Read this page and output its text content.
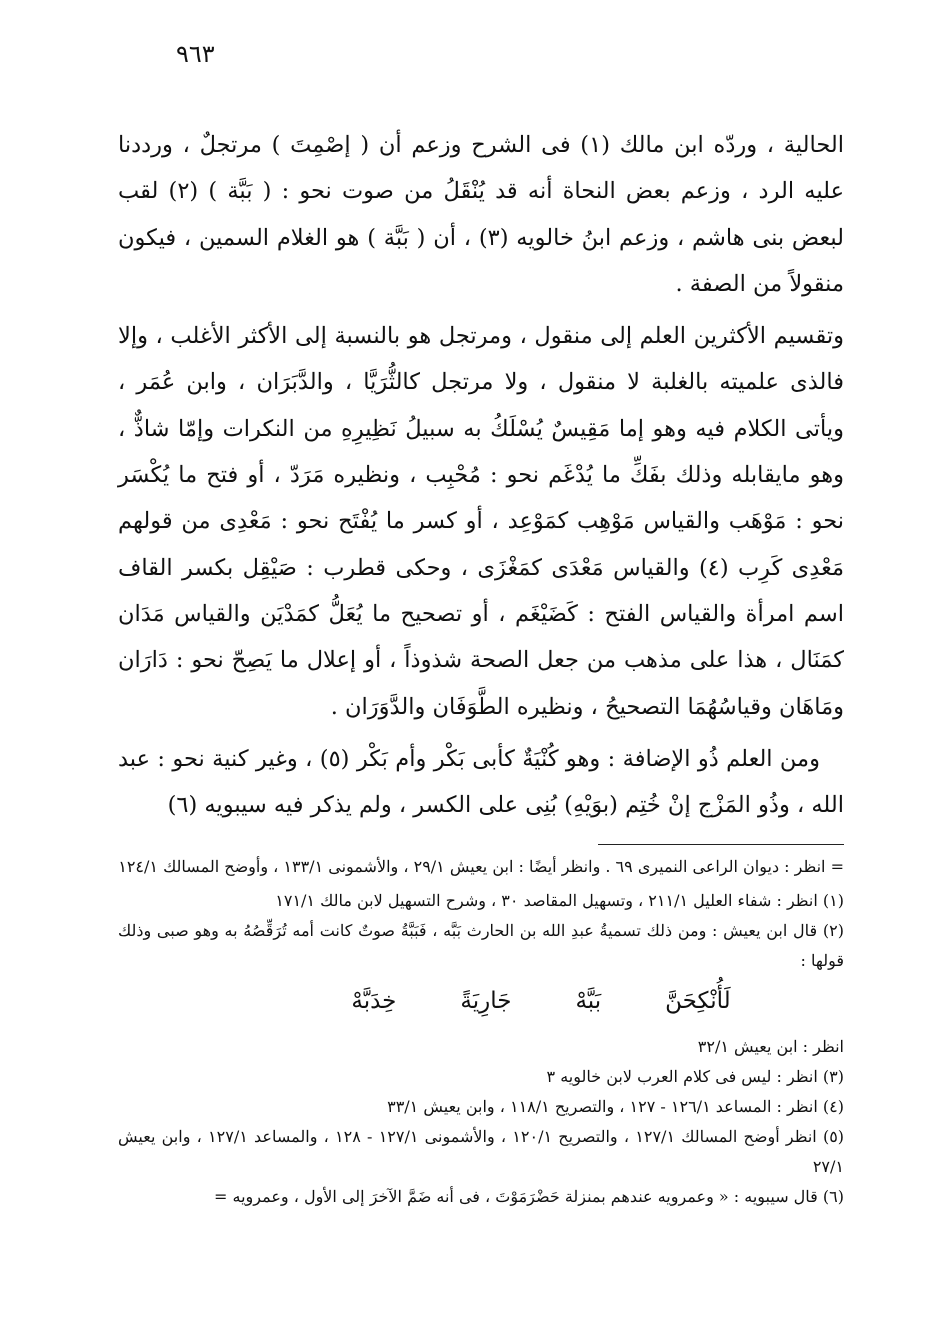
٩٦٣

الحالية ، وردّه ابن مالك (١) فى الشرح وزعم أن ( إصْمِتَ ) مرتجلٌ ، ورددنا عليه الرد ، وزعم بعض النحاة أنه قد يُنْقَلُ من صوت نحو : ( بَبَّة ) (٢) لقب لبعض بنى هاشم ، وزعم ابنُ خالويه (٣) ، أن ( بَبَّة ) هو الغلام السمين ، فيكون منقولاً من الصفة .

وتقسيم الأكثرين العلم إلى منقول ، ومرتجل هو بالنسبة إلى الأكثر الأغلب ، وإلا فالذى علميته بالغلبة لا منقول ، ولا مرتجل كالثُّرَيَّا ، والدَّبَرَان ، وابن عُمَر ، ويأتى الكلام فيه وهو إما مَقِيسٌ يُسْلَكُ به سبيلُ نَظِيرِهِ من النكرات وإمّا شاذٌّ ، وهو مايقابله وذلك بفَكِّ ما يُدْغَم نحو : مُحْبِب ، ونظيره مَرَدّ ، أو فتح ما يُكْسَر نحو : مَوْهَب والقياس مَوْهِب كمَوْعِد ، أو كسر ما يُفْتَح نحو : مَعْدِى من قولهم مَعْدِى كَرِب (٤) والقياس مَعْدَى كمَغْزَى ، وحكى قطرب : صَيْقِل بكسر القاف اسم امرأة والقياس الفتح : كَضَيْغَم ، أو تصحيح ما يُعَلُّ كمَدْيَن والقياس مَدَان كمَنَال ، هذا على مذهب من جعل الصحة شذوذاً ، أو إعلال ما يَصِحّ نحو : دَارَان ومَاهَان وقياسُهُمَا التصحيحُ ، ونظيره الطَّوَفَان والدَّوَرَان .

ومن العلم ذُو الإضافة : وهو كُنْيَةٌ كأبى بَكْر وأم بَكْر (٥) ، وغير كنية نحو : عبد الله ، وذُو المَزْج إنْ خُتِم (بوَيْهِ) بُنِى على الكسر ، ولم يذكر فيه سيبويه (٦)

= انظر : ديوان الراعى النميرى ٦٩ . وانظر أيضًا : ابن يعيش ٢٩/١ ، والأشمونى ١٣٣/١ ، وأوضح المسالك ١٢٤/١

(١) انظر : شفاء العليل ٢١١/١ ، وتسهيل المقاصد ٣٠ ، وشرح التسهيل لابن مالك ١٧١/١

(٢) قال ابن يعيش : ومن ذلك تسميةُ عبدِ الله بن الحارث بَبَّه ، فَبَبَّةُ صوتٌ كانت أمه تُرَقِّصُهُ به وهو صبى وذلك قولها :

لَأُنْكِحَنَّ
بَبَّهْ
جَارِيَةً
خِدَبَّهْ

انظر : ابن يعيش ٣٢/١

(٣) انظر : ليس فى كلام العرب لابن خالويه ٣

(٤) انظر : المساعد ١٢٦/١ - ١٢٧ ، والتصريح ١١٨/١ ، وابن يعيش ٣٣/١

(٥) انظر أوضح المسالك ١٢٧/١ ، والتصريح ١٢٠/١ ، والأشمونى ١٢٧/١ - ١٢٨ ، والمساعد ١٢٧/١ ، وابن يعيش ٢٧/١

(٦) قال سيبويه : « وعمرويه عندهم بمنزلة حَضْرَمَوْتَ ، فى أنه ضَمَّ الآخرَ إلى الأول ، وعمرويه =
